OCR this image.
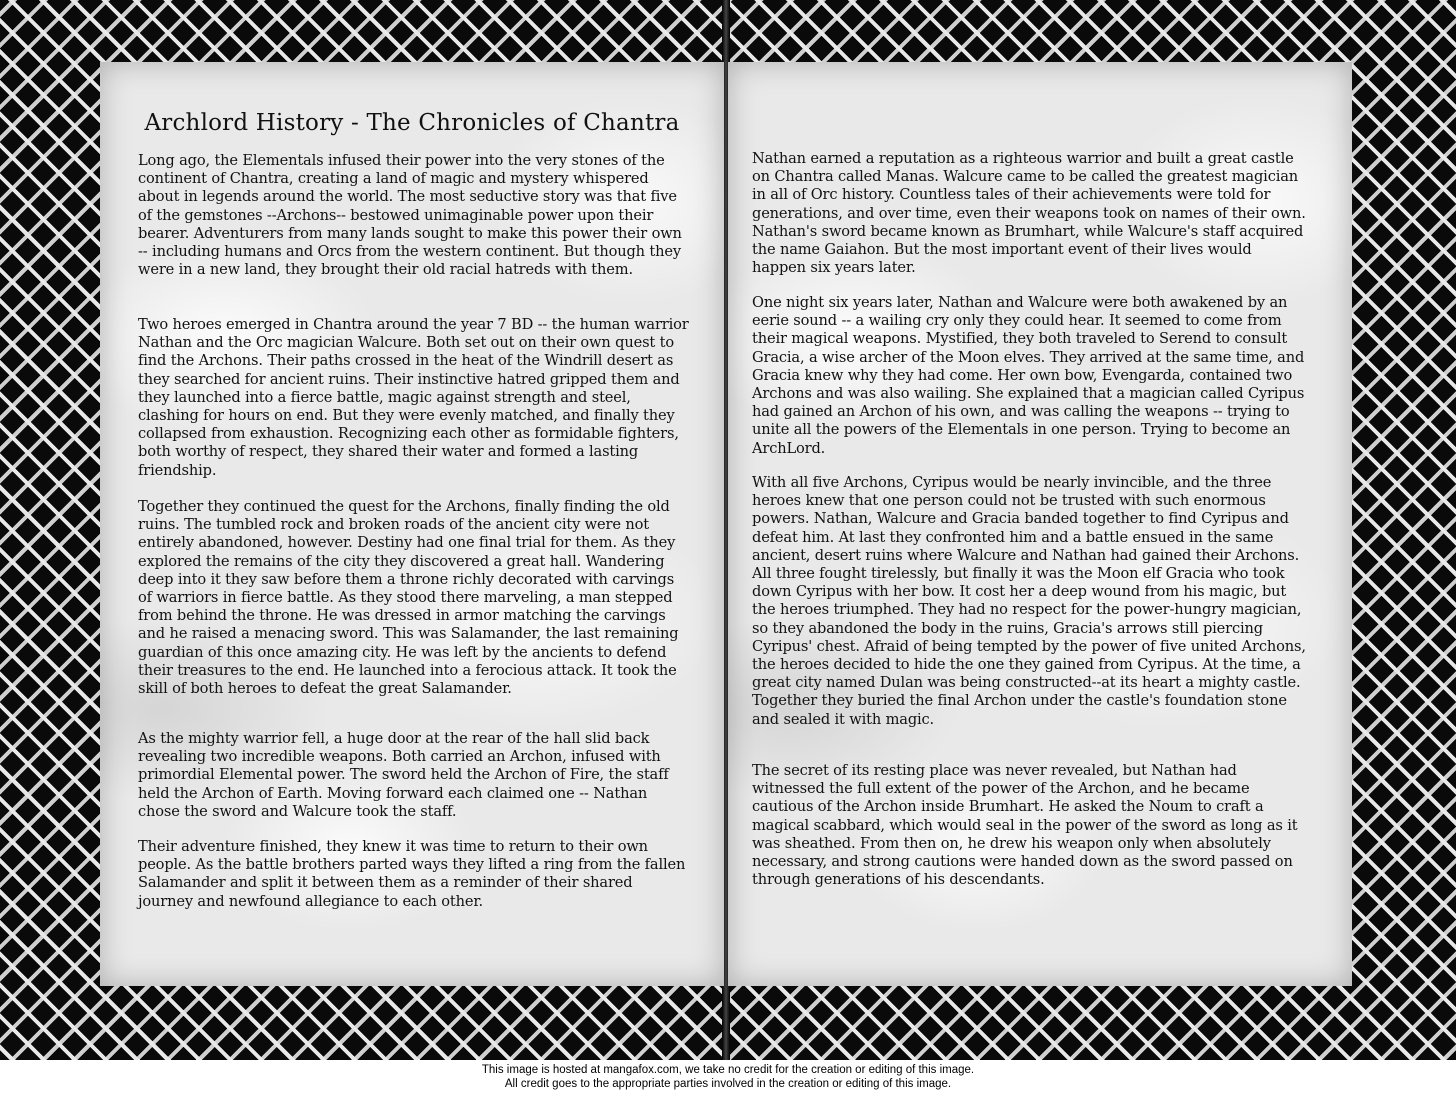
Archlord History - The Chronicles of Chantra

Long ago, the Elementals infused their power into the very stones of the continent of Chantra, creating a land of magic and mystery whispered about in legends around the world. The most seductive story was that five of the gemstones --Archons-- bestowed unimaginable power upon their bearer. Adventurers from many lands sought to make this power their own -- including humans and Orcs from the western continent. But though they were in a new land, they brought their old racial hatreds with them.

Two heroes emerged in Chantra around the year 7 BD -- the human warrior Nathan and the Orc magician Walcure. Both set out on their own quest to find the Archons. Their paths crossed in the heat of the Windrill desert as they searched for ancient ruins. Their instinctive hatred gripped them and they launched into a fierce battle, magic against strength and steel, clashing for hours on end. But they were evenly matched, and finally they collapsed from exhaustion. Recognizing each other as formidable fighters, both worthy of respect, they shared their water and formed a lasting friendship.

Together they continued the quest for the Archons, finally finding the old ruins. The tumbled rock and broken roads of the ancient city were not entirely abandoned, however. Destiny had one final trial for them. As they explored the remains of the city they discovered a great hall. Wandering deep into it they saw before them a throne richly decorated with carvings of warriors in fierce battle. As they stood there marveling, a man stepped from behind the throne. He was dressed in armor matching the carvings and he raised a menacing sword. This was Salamander, the last remaining guardian of this once amazing city. He was left by the ancients to defend their treasures to the end. He launched into a ferocious attack. It took the skill of both heroes to defeat the great Salamander.

As the mighty warrior fell, a huge door at the rear of the hall slid back revealing two incredible weapons. Both carried an Archon, infused with primordial Elemental power. The sword held the Archon of Fire, the staff held the Archon of Earth. Moving forward each claimed one -- Nathan chose the sword and Walcure took the staff.

Their adventure finished, they knew it was time to return to their own people. As the battle brothers parted ways they lifted a ring from the fallen Salamander and split it between them as a reminder of their shared journey and newfound allegiance to each other.

Nathan earned a reputation as a righteous warrior and built a great castle on Chantra called Manas. Walcure came to be called the greatest magician in all of Orc history. Countless tales of their achievements were told for generations, and over time, even their weapons took on names of their own. Nathan's sword became known as Brumhart, while Walcure's staff acquired the name Gaiahon. But the most important event of their lives would happen six years later.

One night six years later, Nathan and Walcure were both awakened by an eerie sound -- a wailing cry only they could hear. It seemed to come from their magical weapons. Mystified, they both traveled to Serend to consult Gracia, a wise archer of the Moon elves. They arrived at the same time, and Gracia knew why they had come. Her own bow, Evengarda, contained two Archons and was also wailing. She explained that a magician called Cyripus had gained an Archon of his own, and was calling the weapons -- trying to unite all the powers of the Elementals in one person. Trying to become an ArchLord.

With all five Archons, Cyripus would be nearly invincible, and the three heroes knew that one person could not be trusted with such enormous powers. Nathan, Walcure and Gracia banded together to find Cyripus and defeat him. At last they confronted him and a battle ensued in the same ancient, desert ruins where Walcure and Nathan had gained their Archons. All three fought tirelessly, but finally it was the Moon elf Gracia who took down Cyripus with her bow. It cost her a deep wound from his magic, but the heroes triumphed. They had no respect for the power-hungry magician, so they abandoned the body in the ruins, Gracia's arrows still piercing Cyripus' chest. Afraid of being tempted by the power of five united Archons, the heroes decided to hide the one they gained from Cyripus. At the time, a great city named Dulan was being constructed--at its heart a mighty castle. Together they buried the final Archon under the castle's foundation stone and sealed it with magic.

The secret of its resting place was never revealed, but Nathan had witnessed the full extent of the power of the Archon, and he became cautious of the Archon inside Brumhart. He asked the Noum to craft a magical scabbard, which would seal in the power of the sword as long as it was sheathed. From then on, he drew his weapon only when absolutely necessary, and strong cautions were handed down as the sword passed on through generations of his descendants.

This image is hosted at mangafox.com, we take no credit for the creation or editing of this image.
All credit goes to the appropriate parties involved in the creation or editing of this image.
